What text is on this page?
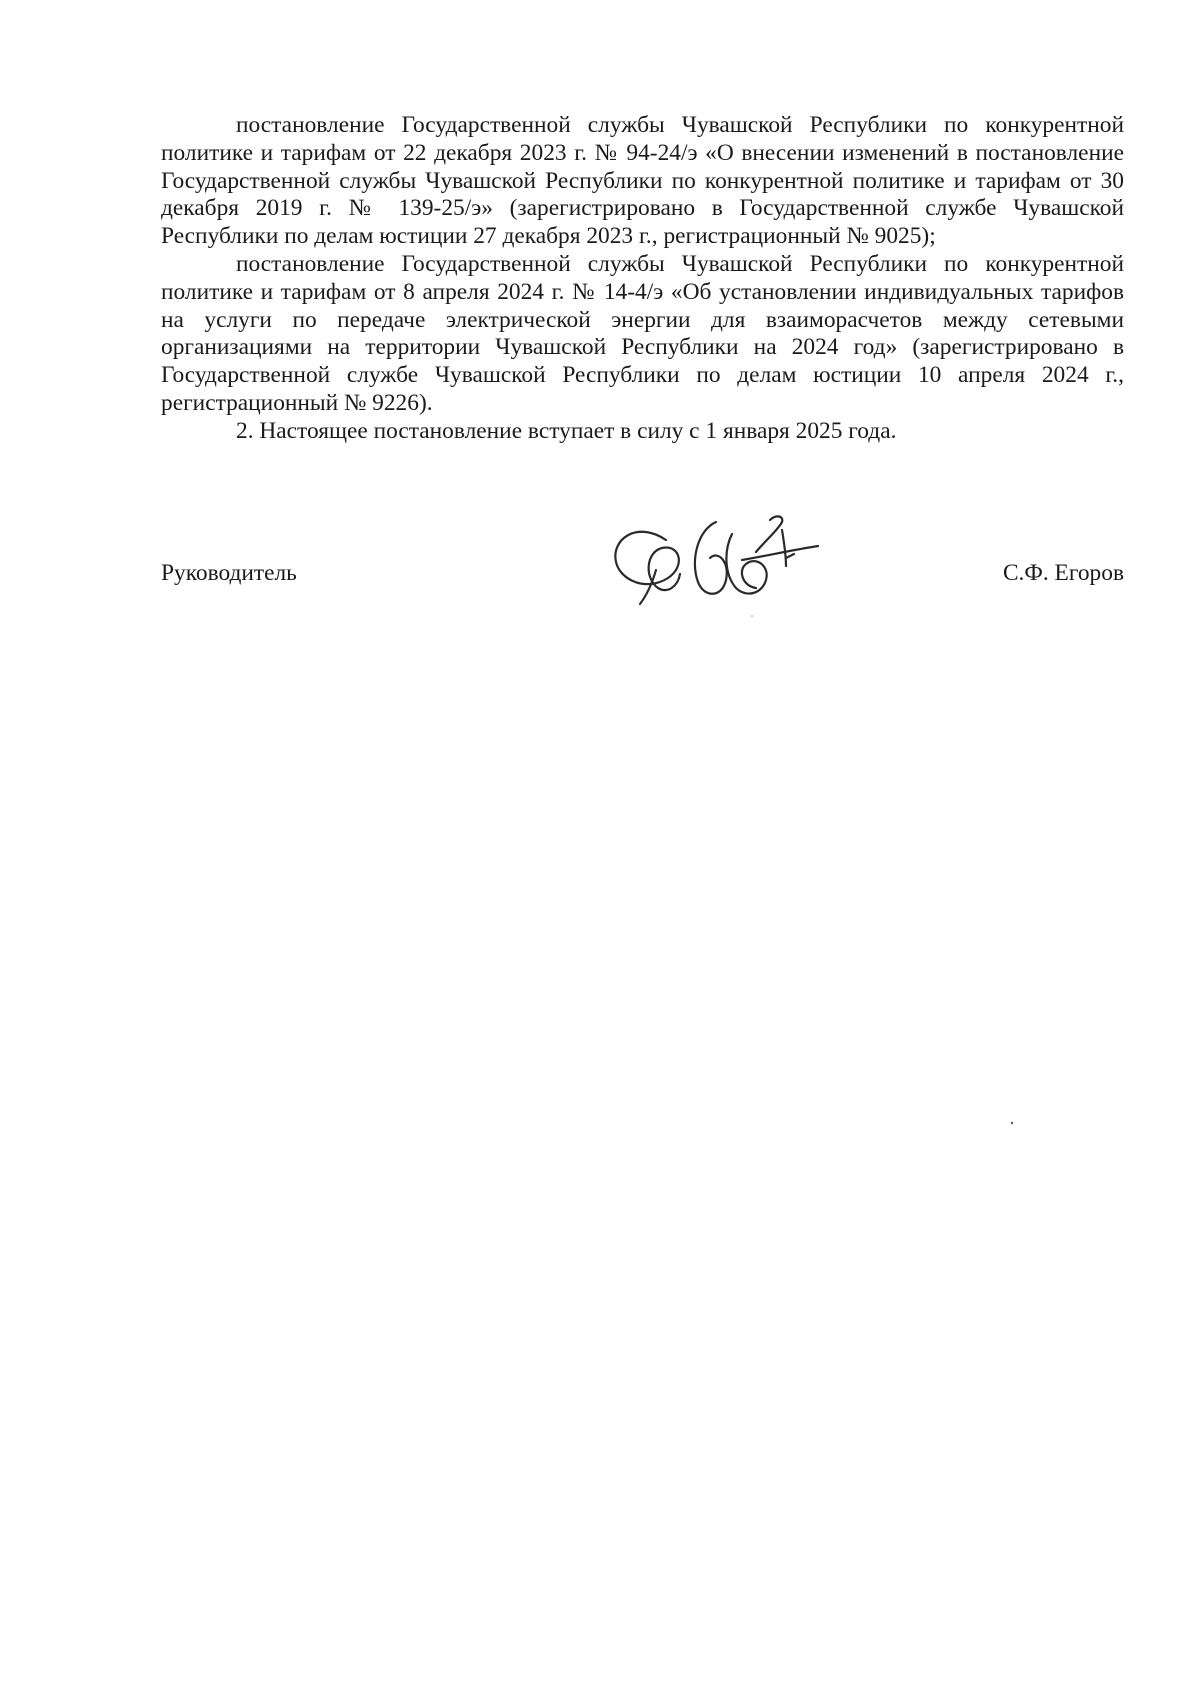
постановление Государственной службы Чувашской Республики по конкурентной политике и тарифам от 22 декабря 2023 г. № 94-24/э «О внесении изменений в постановление Государственной службы Чувашской Республики по конкурентной политике и тарифам от 30 декабря 2019 г. № 139-25/э» (зарегистрировано в Государственной службе Чувашской Республики по делам юстиции 27 декабря 2023 г., регистрационный № 9025);

постановление Государственной службы Чувашской Республики по конкурентной политике и тарифам от 8 апреля 2024 г. № 14-4/э «Об установлении индивидуальных тарифов на услуги по передаче электрической энергии для взаиморасчетов между сетевыми организациями на территории Чувашской Республики на 2024 год» (зарегистрировано в Государственной службе Чувашской Республики по делам юстиции 10 апреля 2024 г., регистрационный № 9226).

2. Настоящее постановление вступает в силу с 1 января 2025 года.

Руководитель	С.Ф. Егоров
